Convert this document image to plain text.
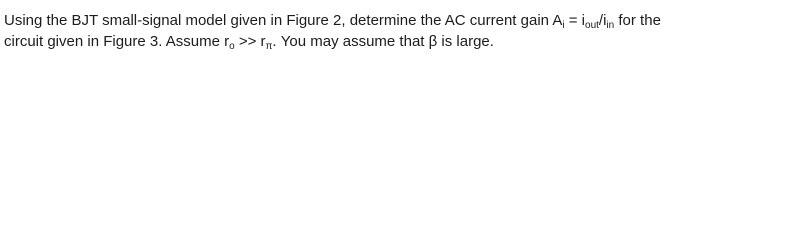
Using the BJT small-signal model given in Figure 2, determine the AC current gain $A_i = i_{out}/i_{in}$ for the
circuit given in Figure 3. Assume $r_o >> r_\pi$. You may assume that β is large.
